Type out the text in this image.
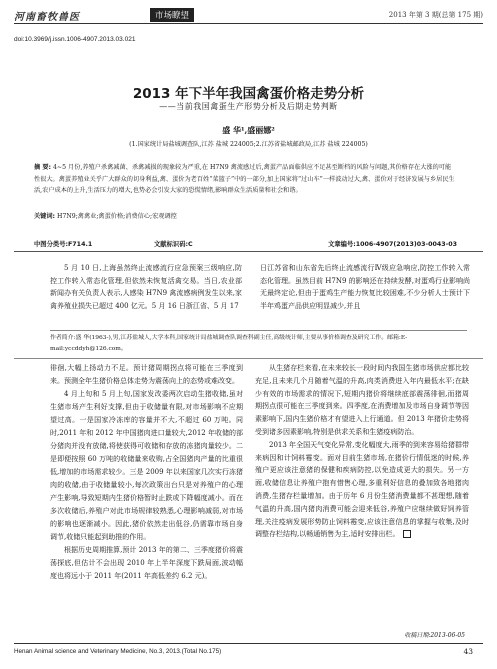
河南畜牧兽医	市场瞭望	2013 年第 3 期(总第 175 期)
doi:10.3969/j.issn.1006-4907.2013.03.021
2013 年下半年我国禽蛋价格走势分析
——当前我国禽蛋生产形势分析及后期走势判断
盛 华¹,盛丽娜²
(1.国家统计局盐城调查队,江苏 盐城 224005;2.江苏省盐城邮政局,江苏 盐城 224005)
摘 要: 4~5 月份,养殖户杀禽减菌、杀禽减损的现象较为严重,在 H7N9 禽流感过后,禽蛋产品面临供应不足甚至断档的风险与问题,其价格存在大涨的可能性很大。禽蛋养殖业关乎广大群众的切身利益,禽、蛋价为老百姓“菜篮子”中的一部分,加上国家将“过山车”一样波动过大,禽、蛋价对于经济发展与乡居民生活,农户成本的上升,生活压力的增大,也势必会引发大家的恐慌情绪,影响群众生活质量和社会和谐。
关键词: H7N9;禽禽业;禽蛋价格;消费信心;宏观调控
中图分类号:F714.1	文献标识码:C	文章编号:1006-4907(2013)03-0043-03

5 月 10 日,上海虽然终止流感流行应急预案三级响应,防控工作转入常态化管理,但依然未恢复活禽交易。当日,农业部新闻办有关负责人表示,人感染 H7N9 禽流感病例发生以来,家禽养殖业损失已超过 400 亿元。5 月 16 日浙江省、5 月 17

日江苏省和山东省先后终止流感流行Ⅳ级应急响应,防控工作转入常态化管理。虽然目前 H7N9 的影响还在持续发酵,对蛋鸡行业影响尚无最终定论,但由于蛋鸡生产能力恢复比较困难,不少分析人士预计下半年鸡蛋产品供应明显减少,并且

作者简介:盛 华(1963-),男,江苏盐城人,大学本科,国家统计局盐城调查队调查科副主任,高级统计师,主要从事价格调查及研究工作。邮箱:E-mail:yccddyh@126.com。

徘徊,大幅上扬动力不足。预计猪周期拐点将可能在三季度到来。预测全年生猪价格总体走势为震荡向上的态势或难改变。

4 月上旬和 5 月上旬,国家发改委两次启动生猪收储,虽对生猪市场产生利好支撑,但由于收储量有限,对市场影响不应期望过高。一是国家冷冻库的容量并不大,不超过 60 万吨。同时,2011 年和 2012 年中国猪肉进口量较大,2012 年收储的部分猪肉并没有放储,将使获得可收储和存放的冻猪肉量较少。二是即便按照 60 万吨的收储量来收购,占全国猪肉产量的比重很低,增加的市场需求较少。三是 2009 年以来国家几次实行冻猪肉的收储,由于收储量较小,每次政策出台只是对养殖户的心理产生影响,导致短期内生猪价格暂时止跌或下降幅度减小。而在多次收储后,养殖户对此市场规律较熟悉,心理影响减弱,对市场的影响也逐渐减小。因此,猪价依然走出低谷,仍需靠市场自身调节,收储只能起到助推的作用。

根据历史周期推算,预计 2013 年的第二、三季度猪价将震荡探底,但估计不会出现 2010 年上半年深度下跌局面,波动幅度也将远小于 2011 年(2011 年高低差约 6.2 元)。

从生猪存栏来看,在未来较长一段时间内我国生猪市场供应都比较充足,且未来几个月随着气温的升高,肉类消费进入年内最低水平;在缺少有效的市场需求的情况下,短期内猪价将继续底部震荡徘徊,而猪周期拐点很可能在三季度到来。四季度,在消费增加及市场自身调节等因素影响下,国内生猪价格才有望进入上行通道。但 2013 年猪价走势将受到诸多因素影响,特别是供求关系和生猪疫病防治。

2013 年全国天气变化异常,变化幅度大,雨季的到来容易给猪群带来病因和计饲料霉变。面对目前生猪市场,在猪价行情低迷的时候,养殖户更应该注意猪的保健和疾病防控,以免造成更大的损失。另一方面,收储信息让养殖户抱有惜售心理,多重利好信息的叠加致各地猪肉消费,生猪存栏量增加。由于历年 6 月份生猪消费量都不甚理想,随着气温的升高,国内猪肉消费可能会迎来低谷,养殖户应继续做好饲养管理,关注疫病发展形势防止饲料霉变,应该注意信息的掌握与收集,及时调整存栏结构,以畅通销售为主,适时安排出栏。

收稿日期:2013-06-05
Henan Animal science and Veterinary Medicine, No.3, 2013.(Total No.175)	43
